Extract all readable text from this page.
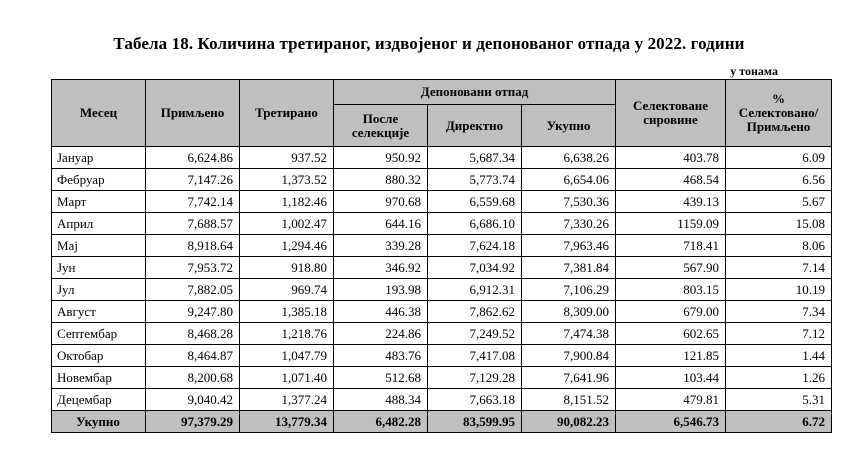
Табела 18. Количина третираног, издвојеног и депонованог отпада у 2022. години
у тонама
Месец	Примљено	Третирано	Депоновани отпад			Селектоване сировине	% Селектовано/ Примљено
			После селекције	Директно	Укупно		
Јануар	6,624.86	937.52	950.92	5,687.34	6,638.26	403.78	6.09
Фебруар	7,147.26	1,373.52	880.32	5,773.74	6,654.06	468.54	6.56
Март	7,742.14	1,182.46	970.68	6,559.68	7,530.36	439.13	5.67
Април	7,688.57	1,002.47	644.16	6,686.10	7,330.26	1159.09	15.08
Мај	8,918.64	1,294.46	339.28	7,624.18	7,963.46	718.41	8.06
Јун	7,953.72	918.80	346.92	7,034.92	7,381.84	567.90	7.14
Јул	7,882.05	969.74	193.98	6,912.31	7,106.29	803.15	10.19
Август	9,247.80	1,385.18	446.38	7,862.62	8,309.00	679.00	7.34
Септембар	8,468.28	1,218.76	224.86	7,249.52	7,474.38	602.65	7.12
Октобар	8,464.87	1,047.79	483.76	7,417.08	7,900.84	121.85	1.44
Новембар	8,200.68	1,071.40	512.68	7,129.28	7,641.96	103.44	1.26
Децембар	9,040.42	1,377.24	488.34	7,663.18	8,151.52	479.81	5.31
Укупно	97,379.29	13,779.34	6,482.28	83,599.95	90,082.23	6,546.73	6.72
